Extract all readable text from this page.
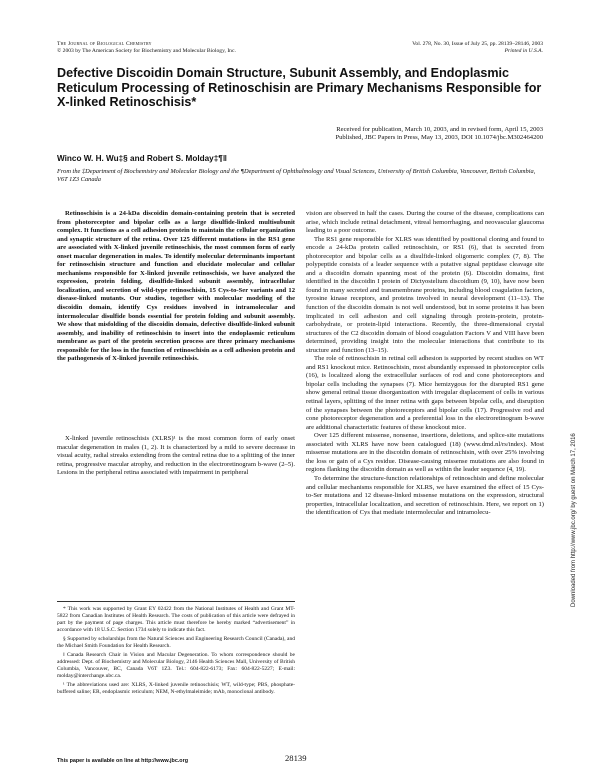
The Journal of Biological Chemistry
© 2003 by The American Society for Biochemistry and Molecular Biology, Inc.
Vol. 278, No. 30, Issue of July 25, pp. 28139–28146, 2003
Printed in U.S.A.
Defective Discoidin Domain Structure, Subunit Assembly, and Endoplasmic Reticulum Processing of Retinoschisin are Primary Mechanisms Responsible for X-linked Retinoschisis*
Received for publication, March 10, 2003, and in revised form, April 15, 2003
Published, JBC Papers in Press, May 13, 2003, DOI 10.1074/jbc.M302464200
Winco W. H. Wu‡§ and Robert S. Molday‡¶‖
From the ‡Department of Biochemistry and Molecular Biology and the ¶Department of Ophthalmology and Visual Sciences, University of British Columbia, Vancouver, British Columbia, V6T 1Z3 Canada

Retinoschisin is a 24-kDa discoidin domain-containing protein that is secreted from photoreceptor and bipolar cells as a large disulfide-linked multisubunit complex. It functions as a cell adhesion protein to maintain the cellular organization and synaptic structure of the retina. Over 125 different mutations in the RS1 gene are associated with X-linked juvenile retinoschisis, the most common form of early onset macular degeneration in males. To identify molecular determinants important for retinoschisin structure and function and elucidate molecular and cellular mechanisms responsible for X-linked juvenile retinoschisis, we have analyzed the expression, protein folding, disulfide-linked subunit assembly, intracellular localization, and secretion of wild-type retinoschisin, 15 Cys-to-Ser variants and 12 disease-linked mutants. Our studies, together with molecular modeling of the discoidin domain, identify Cys residues involved in intramolecular and intermolecular disulfide bonds essential for protein folding and subunit assembly. We show that misfolding of the discoidin domain, defective disulfide-linked subunit assembly, and inability of retinoschisin to insert into the endoplasmic reticulum membrane as part of the protein secretion process are three primary mechanisms responsible for the loss in the function of retinoschisin as a cell adhesion protein and the pathogenesis of X-linked juvenile retinoschisis.

X-linked juvenile retinoschisis (XLRS)¹ is the most common form of early onset macular degeneration in males (1, 2). It is characterized by a mild to severe decrease in visual acuity, radial streaks extending from the central retina due to a splitting of the inner retina, progressive macular atrophy, and reduction in the electroretinogram b-wave (2–5). Lesions in the peripheral retina associated with impairment in peripheral

* This work was supported by Grant EY 02422 from the National Institutes of Health and Grant MT-5822 from Canadian Institutes of Health Research. The costs of publication of this article were defrayed in part by the payment of page charges. This article must therefore be hereby marked “advertisement” in accordance with 18 U.S.C. Section 1734 solely to indicate this fact.

§ Supported by scholarships from the Natural Sciences and Engineering Research Council (Canada), and the Michael Smith Foundation for Health Research.

‖ Canada Research Chair in Vision and Macular Degeneration. To whom correspondence should be addressed: Dept. of Biochemistry and Molecular Biology, 2146 Health Sciences Mall, University of British Columbia, Vancouver, BC, Canada V6T 1Z3. Tel.: 604-822-6173; Fax: 604-822-5227; E-mail: molday@interchange.ubc.ca.

¹ The abbreviations used are: XLRS, X-linked juvenile retinoschisis; WT, wild-type; PBS, phosphate-buffered saline; ER, endoplasmic reticulum; NEM, N-ethylmaleimide; mAb, monoclonal antibody.

vision are observed in half the cases. During the course of the disease, complications can arise, which include retinal detachment, vitreal hemorrhaging, and neovascular glaucoma leading to a poor outcome.

The RS1 gene responsible for XLRS was identified by positional cloning and found to encode a 24-kDa protein called retinoschisin, or RS1 (6), that is secreted from photoreceptor and bipolar cells as a disulfide-linked oligomeric complex (7, 8). The polypeptide consists of a leader sequence with a putative signal peptidase cleavage site and a discoidin domain spanning most of the protein (6). Discoidin domains, first identified in the discoidin I protein of Dictyostelium discoidium (9, 10), have now been found in many secreted and transmembrane proteins, including blood coagulation factors, tyrosine kinase receptors, and proteins involved in neural development (11–13). The function of the discoidin domain is not well understood, but in some proteins it has been implicated in cell adhesion and cell signaling through protein-protein, protein-carbohydrate, or protein-lipid interactions. Recently, the three-dimensional crystal structures of the C2 discoidin domain of blood coagulation Factors V and VIII have been determined, providing insight into the molecular interactions that contribute to its structure and function (13–15).

The role of retinoschisin in retinal cell adhesion is supported by recent studies on WT and RS1 knockout mice. Retinoschisin, most abundantly expressed in photoreceptor cells (16), is localized along the extracellular surfaces of rod and cone photoreceptors and bipolar cells including the synapses (7). Mice hemizygous for the disrupted RS1 gene show general retinal tissue disorganization with irregular displacement of cells in various retinal layers, splitting of the inner retina with gaps between bipolar cells, and disruption of the synapses between the photoreceptors and bipolar cells (17). Progressive rod and cone photoreceptor degeneration and a preferential loss in the electroretinogram b-wave are additional characteristic features of these knockout mice.

Over 125 different missense, nonsense, insertions, deletions, and splice-site mutations associated with XLRS have now been catalogued (18) (www.dmd.nl/rs/index). Most missense mutations are in the discoidin domain of retinoschisin, with over 25% involving the loss or gain of a Cys residue. Disease-causing missense mutations are also found in regions flanking the discoidin domain as well as within the leader sequence (4, 19).

To determine the structure-function relationships of retinoschisin and define molecular and cellular mechanisms responsible for XLRS, we have examined the effect of 15 Cys-to-Ser mutations and 12 disease-linked missense mutations on the expression, structural properties, intracellular localization, and secretion of retinoschisin. Here, we report on 1) the identification of Cys that mediate intermolecular and intramolecu-

This paper is available on line at http://www.jbc.org	28139
Downloaded from http://www.jbc.org/ by guest on March 17, 2016
